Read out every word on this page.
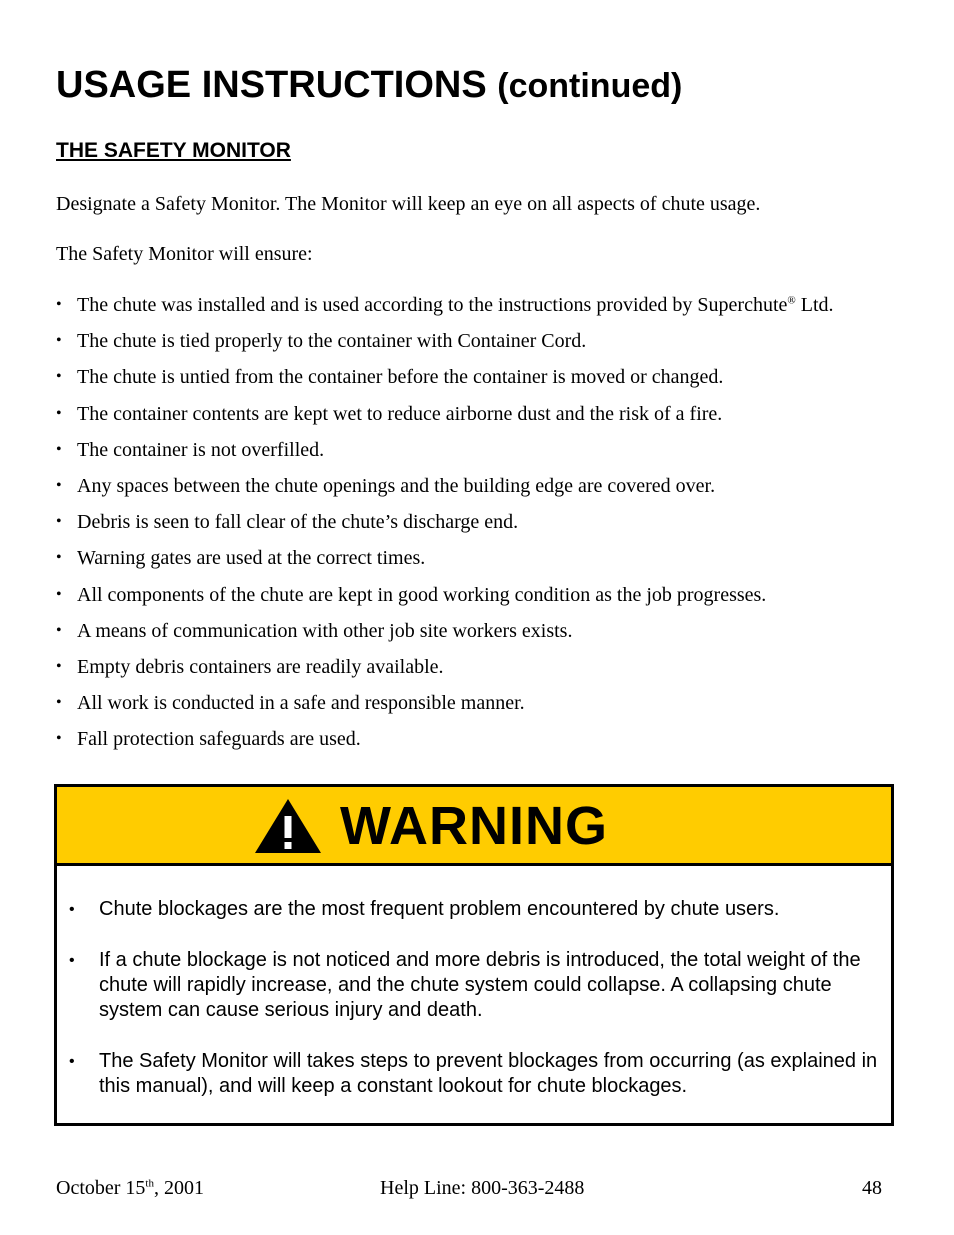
USAGE INSTRUCTIONS (continued)
THE SAFETY MONITOR
Designate a Safety Monitor. The Monitor will keep an eye on all aspects of chute usage.
The Safety Monitor will ensure:
• The chute was installed and is used according to the instructions provided by Superchute® Ltd.
• The chute is tied properly to the container with Container Cord.
• The chute is untied from the container before the container is moved or changed.
• The container contents are kept wet to reduce airborne dust and the risk of a fire.
• The container is not overfilled.
• Any spaces between the chute openings and the building edge are covered over.
• Debris is seen to fall clear of the chute’s discharge end.
• Warning gates are used at the correct times.
• All components of the chute are kept in good working condition as the job progresses.
• A means of communication with other job site workers exists.
• Empty debris containers are readily available.
• All work is conducted in a safe and responsible manner.
• Fall protection safeguards are used.
WARNING
• Chute blockages are the most frequent problem encountered by chute users.
• If a chute blockage is not noticed and more debris is introduced, the total weight of the chute will rapidly increase, and the chute system could collapse. A collapsing chute system can cause serious injury and death.
• The Safety Monitor will takes steps to prevent blockages from occurring (as explained in this manual), and will keep a constant lookout for chute blockages.
October 15th, 2001	Help Line: 800-363-2488	48
